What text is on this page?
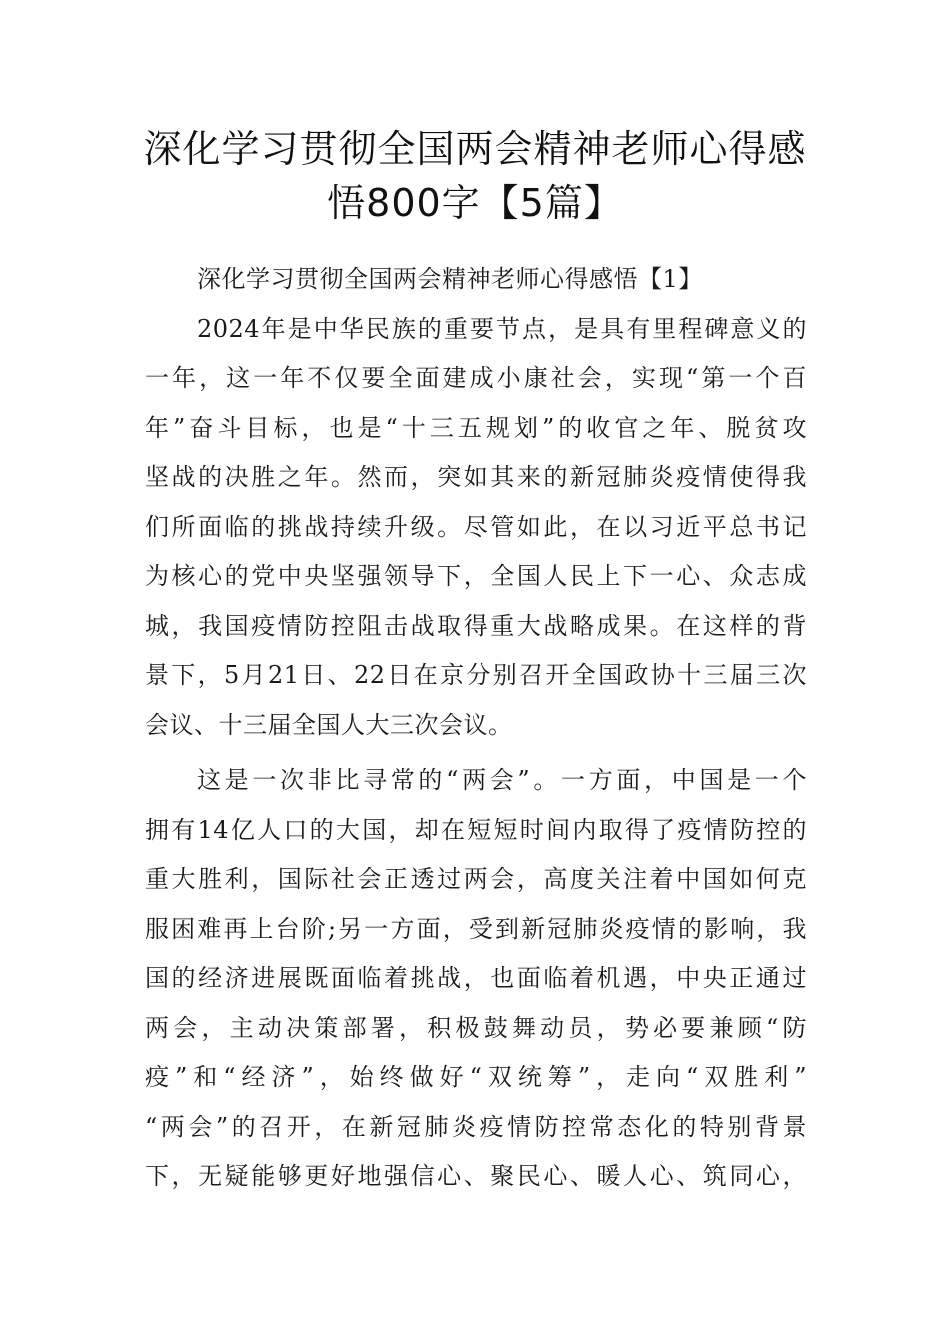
深化学习贯彻全国两会精神老师心得感
悟800字【5篇】
深化学习贯彻全国两会精神老师心得感悟【1】
2024年是中华民族的重要节点，是具有里程碑意义的
一年，这一年不仅要全面建成小康社会，实现“第一个百
年”奋斗目标，也是“十三五规划”的收官之年、脱贫攻
坚战的决胜之年。然而，突如其来的新冠肺炎疫情使得我
们所面临的挑战持续升级。尽管如此，在以习近平总书记
为核心的党中央坚强领导下，全国人民上下一心、众志成
城，我国疫情防控阻击战取得重大战略成果。在这样的背
景下，5月21日、22日在京分别召开全国政协十三届三次
会议、十三届全国人大三次会议。
这是一次非比寻常的“两会”。一方面，中国是一个
拥有14亿人口的大国，却在短短时间内取得了疫情防控的
重大胜利，国际社会正透过两会，高度关注着中国如何克
服困难再上台阶;另一方面，受到新冠肺炎疫情的影响，我
国的经济进展既面临着挑战，也面临着机遇，中央正通过
两会，主动决策部署，积极鼓舞动员，势必要兼顾“防
疫”和“经济”，始终做好“双统筹”，走向“双胜利”
“两会”的召开，在新冠肺炎疫情防控常态化的特别背景
下，无疑能够更好地强信心、聚民心、暖人心、筑同心，
